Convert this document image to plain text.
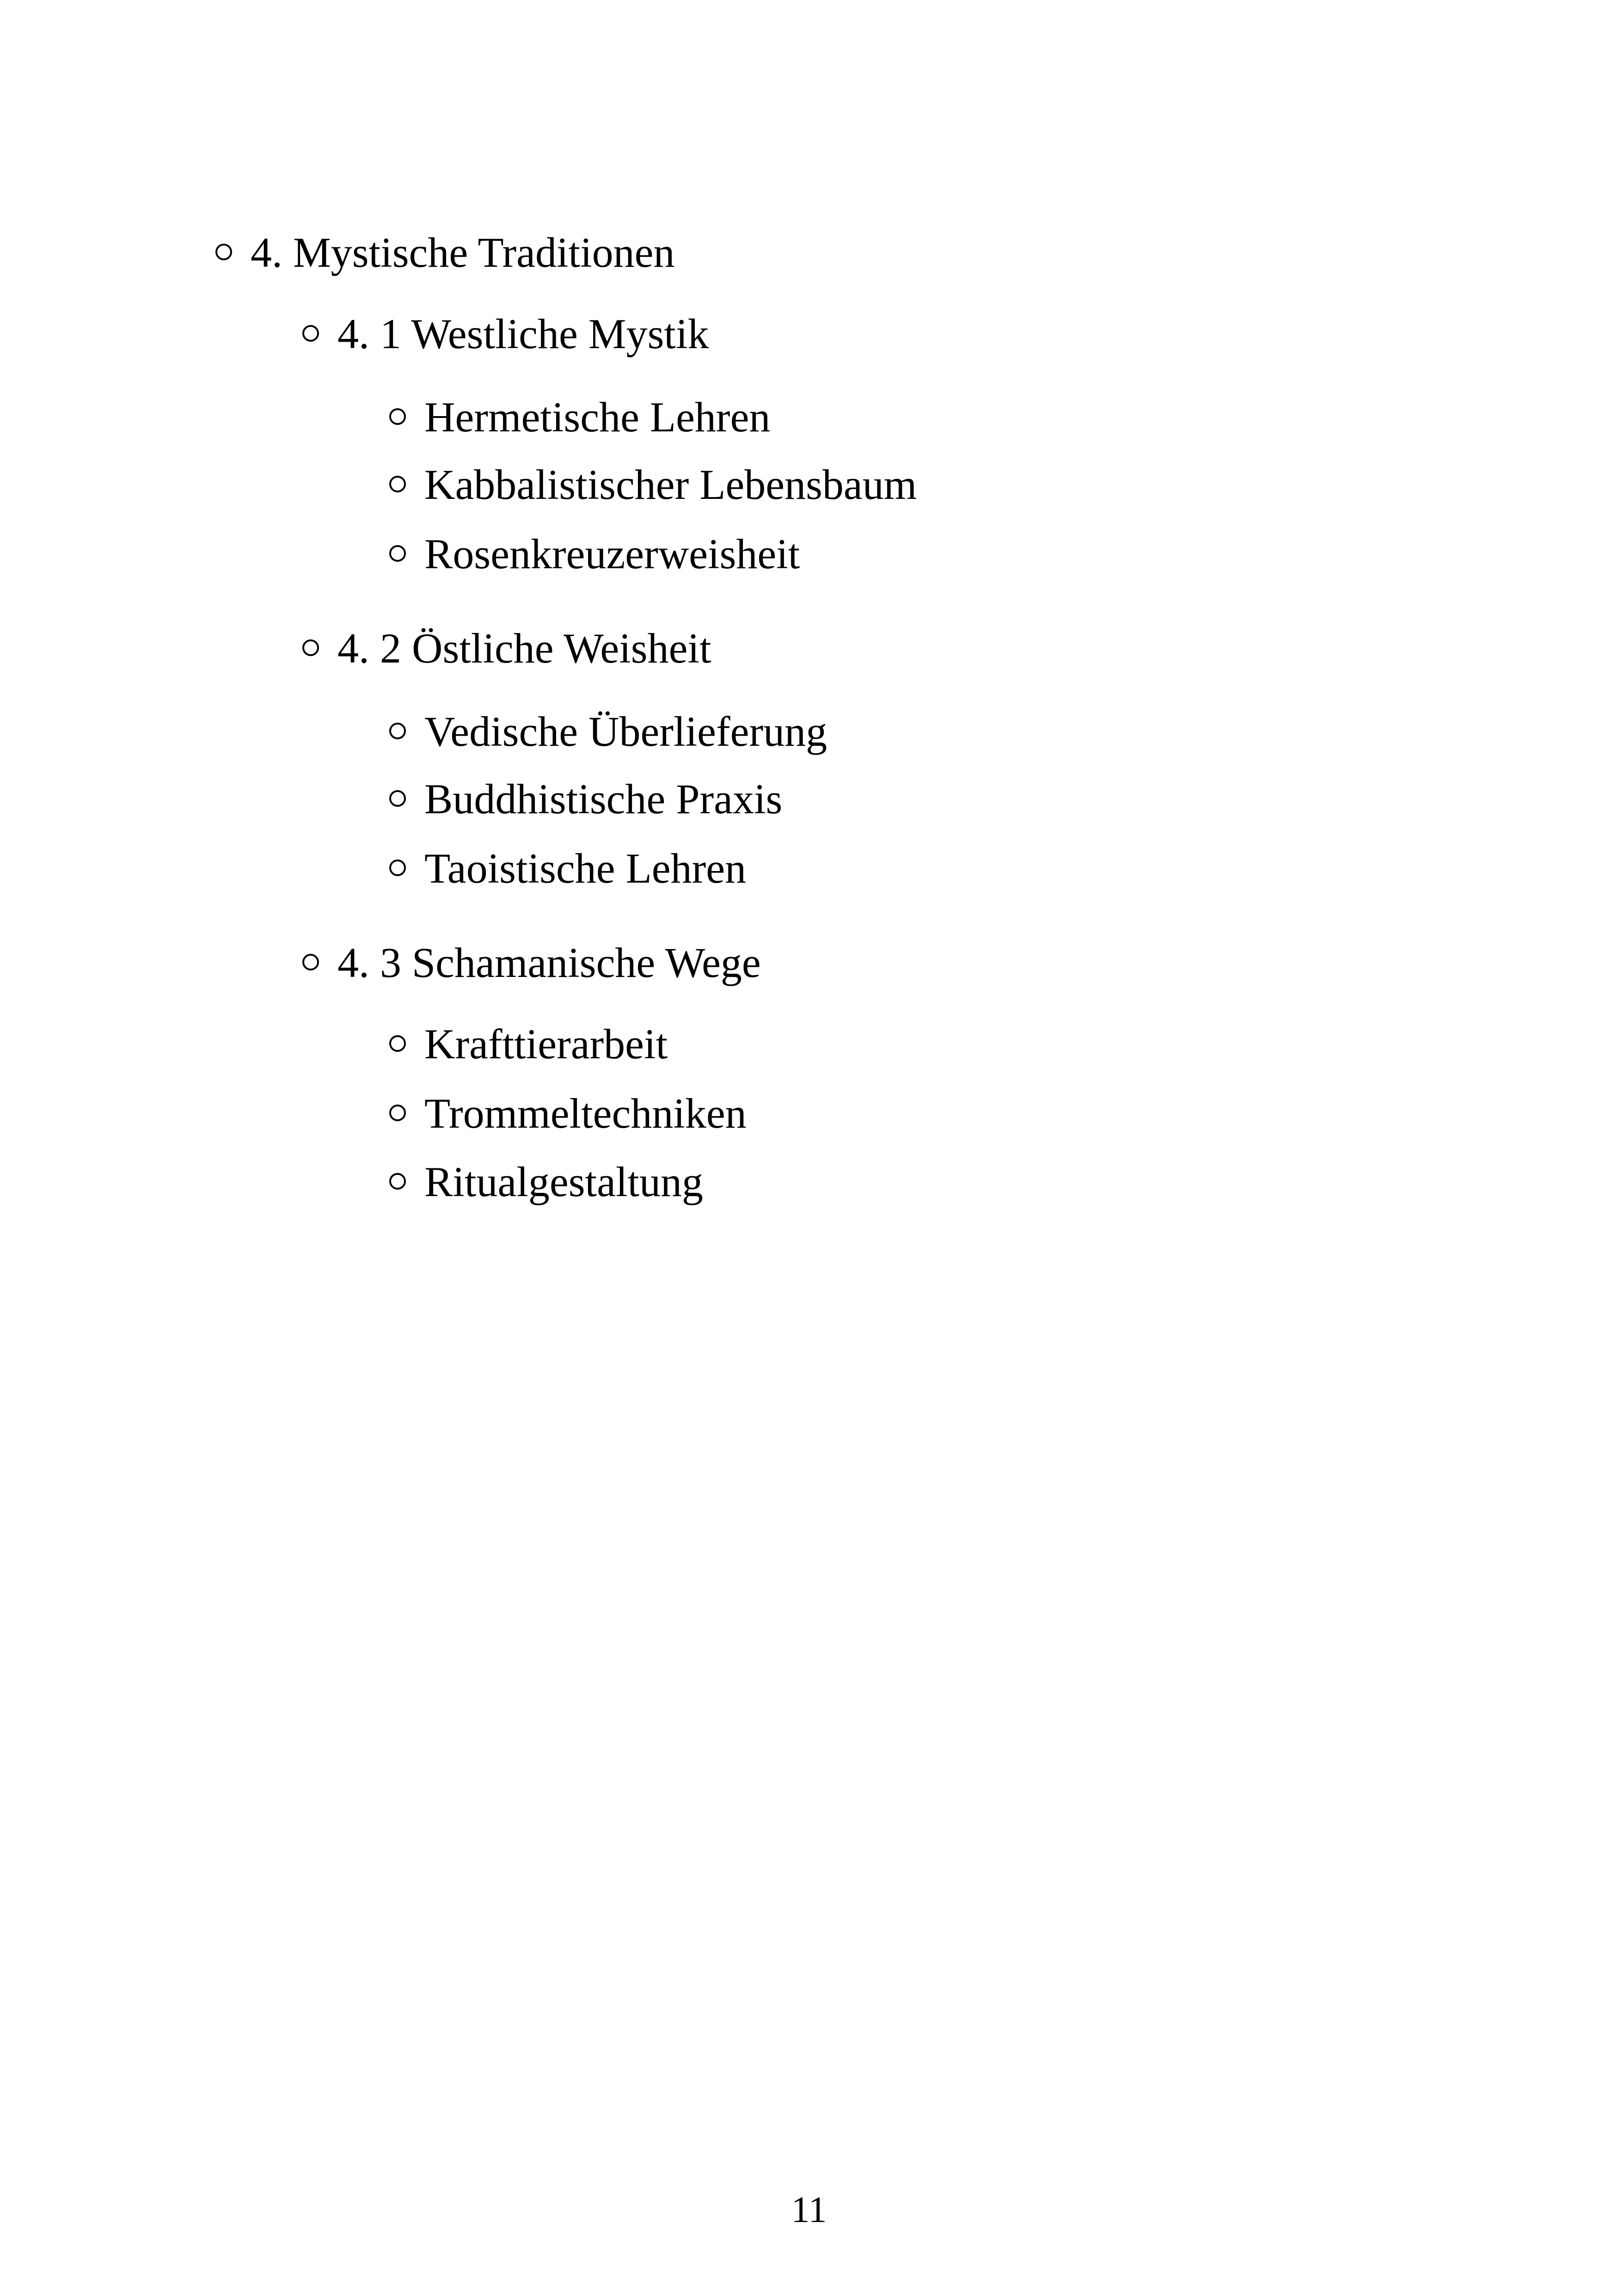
4. Mystische Traditionen
4. 1 Westliche Mystik
Hermetische Lehren
Kabbalistischer Lebensbaum
Rosenkreuzerweisheit
4. 2 Östliche Weisheit
Vedische Überlieferung
Buddhistische Praxis
Taoistische Lehren
4. 3 Schamanische Wege
Krafttierarbeit
Trommeltechniken
Ritualgestaltung
11
